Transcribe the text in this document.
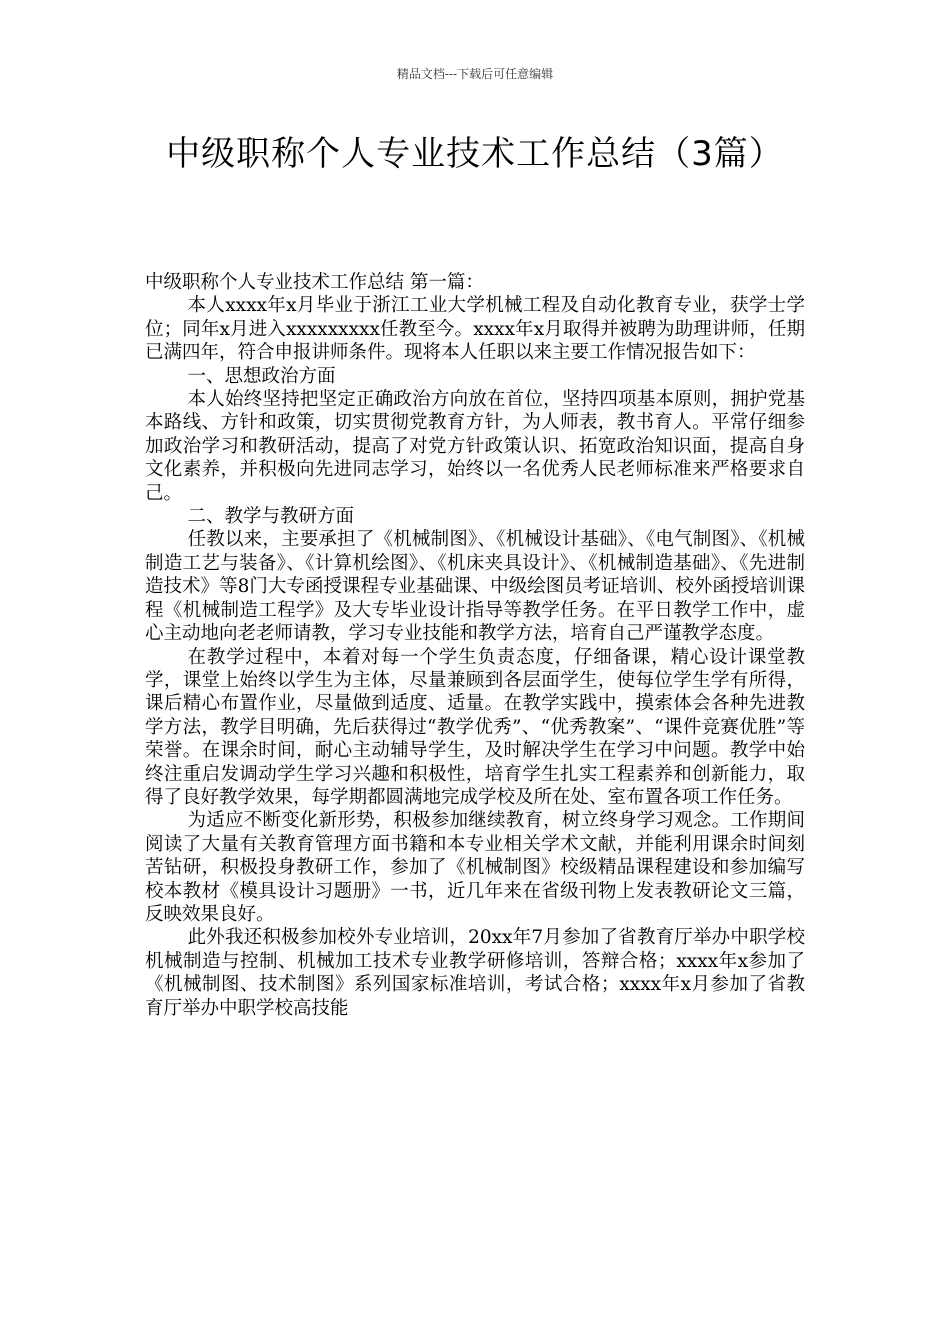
精品文档---下载后可任意编辑
中级职称个人专业技术工作总结（3篇）

中级职称个人专业技术工作总结 第一篇：

本人xxxx年x月毕业于浙江工业大学机械工程及自动化教育专业，获学士学位；同年x月进入xxxxxxxxx任教至今。xxxx年x月取得并被聘为助理讲师，任期已满四年，符合申报讲师条件。现将本人任职以来主要工作情况报告如下：

一、思想政治方面

本人始终坚持把坚定正确政治方向放在首位，坚持四项基本原则，拥护党基本路线、方针和政策，切实贯彻党教育方针，为人师表，教书育人。平常仔细参加政治学习和教研活动，提高了对党方针政策认识、拓宽政治知识面，提高自身文化素养，并积极向先进同志学习，始终以一名优秀人民老师标准来严格要求自己。

二、教学与教研方面

任教以来，主要承担了《机械制图》、《机械设计基础》、《电气制图》、《机械制造工艺与装备》、《计算机绘图》、《机床夹具设计》、《机械制造基础》、《先进制造技术》等8门大专函授课程专业基础课、中级绘图员考证培训、校外函授培训课程《机械制造工程学》及大专毕业设计指导等教学任务。在平日教学工作中，虚心主动地向老老师请教，学习专业技能和教学方法，培育自己严谨教学态度。

在教学过程中，本着对每一个学生负责态度，仔细备课，精心设计课堂教学，课堂上始终以学生为主体，尽量兼顾到各层面学生，使每位学生学有所得，课后精心布置作业，尽量做到适度、适量。在教学实践中，摸索体会各种先进教学方法，教学目明确，先后获得过“教学优秀”、“优秀教案”、“课件竞赛优胜”等荣誉。在课余时间，耐心主动辅导学生，及时解决学生在学习中问题。教学中始终注重启发调动学生学习兴趣和积极性，培育学生扎实工程素养和创新能力，取得了良好教学效果，每学期都圆满地完成学校及所在处、室布置各项工作任务。

为适应不断变化新形势，积极参加继续教育，树立终身学习观念。工作期间阅读了大量有关教育管理方面书籍和本专业相关学术文献，并能利用课余时间刻苦钻研，积极投身教研工作，参加了《机械制图》校级精品课程建设和参加编写校本教材《模具设计习题册》一书，近几年来在省级刊物上发表教研论文三篇，反映效果良好。

此外我还积极参加校外专业培训，20xx年7月参加了省教育厅举办中职学校机械制造与控制、机械加工技术专业教学研修培训，答辩合格；xxxx年x参加了《机械制图、技术制图》系列国家标准培训，考试合格；xxxx年x月参加了省教育厅举办中职学校高技能
